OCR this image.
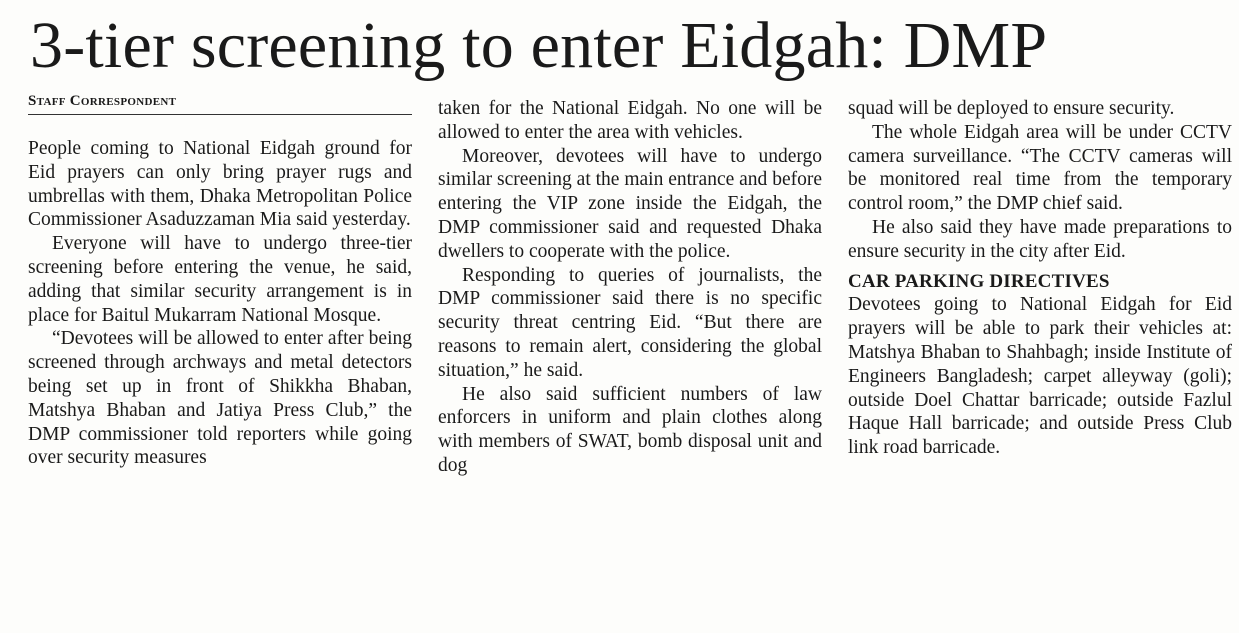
3-tier screening to enter Eidgah: DMP
Staff Correspondent

People coming to National Eidgah ground for Eid prayers can only bring prayer rugs and umbrellas with them, Dhaka Metropolitan Police Commissioner Asaduzzaman Mia said yesterday.

Everyone will have to undergo three-tier screening before entering the venue, he said, adding that similar security arrangement is in place for Baitul Mukarram National Mosque.

“Devotees will be allowed to enter after being screened through archways and metal detectors being set up in front of Shikkha Bhaban, Matshya Bhaban and Jatiya Press Club,” the DMP commissioner told reporters while going over security measures

taken for the National Eidgah. No one will be allowed to enter the area with vehicles.

Moreover, devotees will have to undergo similar screening at the main entrance and before entering the VIP zone inside the Eidgah, the DMP commissioner said and requested Dhaka dwellers to cooperate with the police.

Responding to queries of journalists, the DMP commissioner said there is no specific security threat centring Eid. “But there are reasons to remain alert, considering the global situation,” he said.

He also said sufficient numbers of law enforcers in uniform and plain clothes along with members of SWAT, bomb disposal unit and dog

squad will be deployed to ensure security.

The whole Eidgah area will be under CCTV camera surveillance. “The CCTV cameras will be monitored real time from the temporary control room,” the DMP chief said.

He also said they have made preparations to ensure security in the city after Eid.

CAR PARKING DIRECTIVES

Devotees going to National Eidgah for Eid prayers will be able to park their vehicles at: Matshya Bhaban to Shahbagh; inside Institute of Engineers Bangladesh; carpet alleyway (goli); outside Doel Chattar barricade; outside Fazlul Haque Hall barricade; and outside Press Club link road barricade.
